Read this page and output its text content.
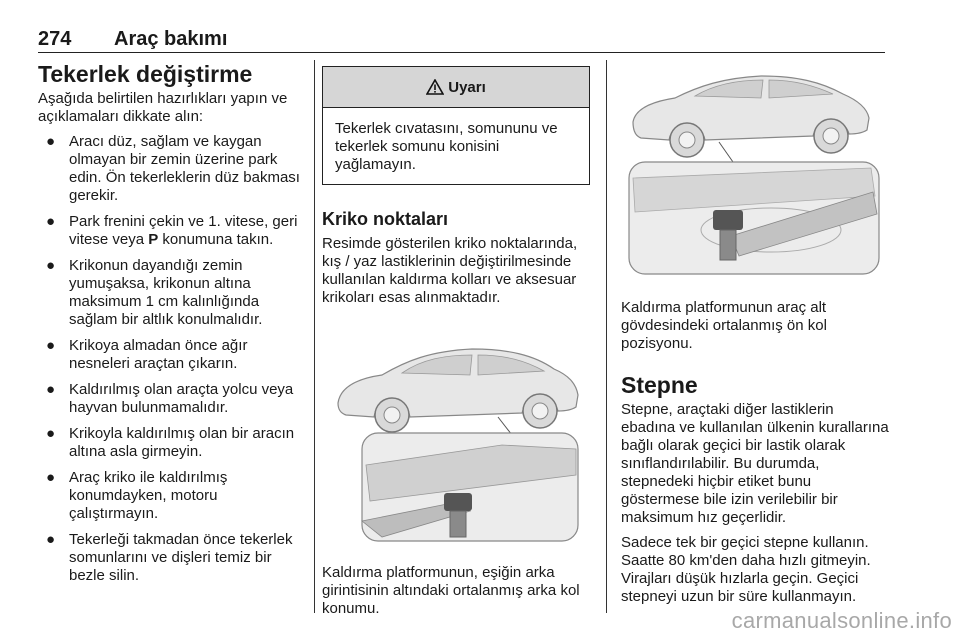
274 Araç bakımı
Tekerlek değiştirme

Aşağıda belirtilen hazırlıkları yapın ve açıklamaları dikkate alın:

● Aracı düz, sağlam ve kaygan olmayan bir zemin üzerine park edin. Ön tekerleklerin düz bakması gerekir.
● Park frenini çekin ve 1. vitese, geri vitese veya P konumuna takın.
● Krikonun dayandığı zemin yumuşaksa, krikonun altına maksimum 1 cm kalınlığında sağlam bir altlık konulmalıdır.
● Krikoya almadan önce ağır nesneleri araçtan çıkarın.
● Kaldırılmış olan araçta yolcu veya hayvan bulunmamalıdır.
● Krikoyla kaldırılmış olan bir aracın altına asla girmeyin.
● Araç kriko ile kaldırılmış konumdayken, motoru çalıştırmayın.
● Tekerleği takmadan önce tekerlek somunlarını ve dişleri temiz bir bezle silin.
Uyarı
Tekerlek cıvatasını, somununu ve tekerlek somunu konisini yağlamayın.
Kriko noktaları

Resimde gösterilen kriko noktalarında, kış / yaz lastiklerinin değiştirilmesinde kullanılan kaldırma kolları ve aksesuar krikoları esas alınmaktadır.

Kaldırma platformunun, eşiğin arka girintisinin altındaki ortalanmış arka kol konumu.

Kaldırma platformunun araç alt gövdesindeki ortalanmış ön kol pozisyonu.

Stepne

Stepne, araçtaki diğer lastiklerin ebadına ve kullanılan ülkenin kurallarına bağlı olarak geçici bir lastik olarak sınıflandırılabilir. Bu durumda, stepnedeki hiçbir etiket bunu göstermese bile izin verilebilir bir maksimum hız geçerlidir.

Sadece tek bir geçici stepne kullanın. Saatte 80 km'den daha hızlı gitmeyin. Virajları düşük hızlarla geçin. Geçici stepneyi uzun bir süre kullanmayın.

carmanualsonline.info
